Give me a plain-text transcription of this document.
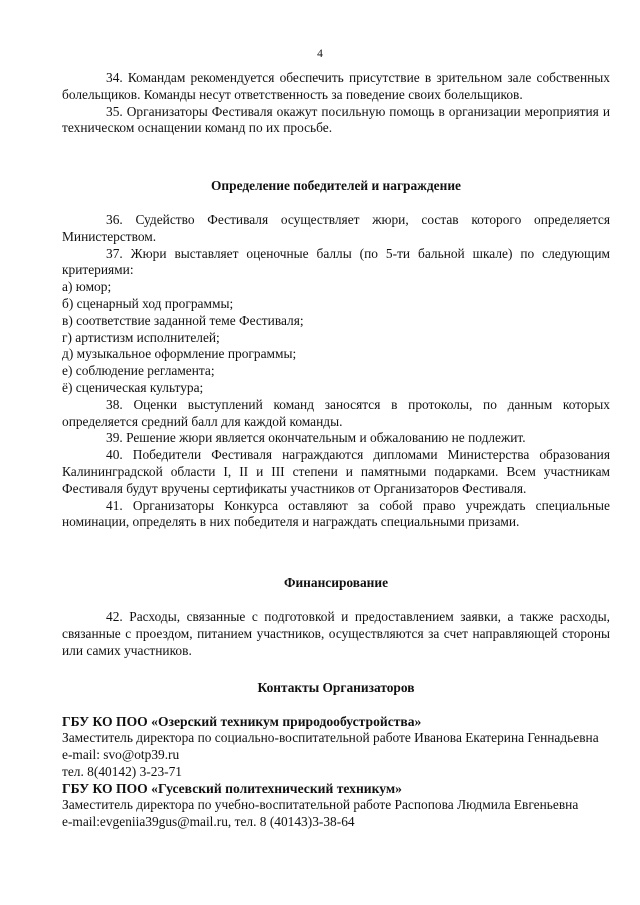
4

34. Командам рекомендуется обеспечить присутствие в зрительном зале собственных болельщиков. Команды несут ответственность за поведение своих болельщиков.

35. Организаторы Фестиваля окажут посильную помощь в организации мероприятия и техническом оснащении команд по их просьбе.

Определение победителей и награждение

36. Судейство Фестиваля осуществляет жюри, состав которого определяется Министерством.

37. Жюри выставляет оценочные баллы (по 5-ти бальной шкале) по следующим критериями:

а) юмор;

б) сценарный ход программы;

в) соответствие заданной теме Фестиваля;

г) артистизм исполнителей;

д) музыкальное оформление программы;

е) соблюдение регламента;

ё) сценическая культура;

38. Оценки выступлений команд заносятся в протоколы, по данным которых определяется средний балл для каждой команды.

39. Решение жюри является окончательным и обжалованию не подлежит.

40. Победители Фестиваля награждаются дипломами Министерства образования Калининградской области I, II и III степени и памятными подарками. Всем участникам Фестиваля будут вручены сертификаты участников от Организаторов Фестиваля.

41. Организаторы Конкурса оставляют за собой право учреждать специальные номинации, определять в них победителя и награждать специальными призами.

Финансирование

42. Расходы, связанные с подготовкой и предоставлением заявки, а также расходы, связанные с проездом, питанием участников, осуществляются за счет направляющей стороны или самих участников.

Контакты Организаторов

ГБУ КО ПОО «Озерский техникум природообустройства»

Заместитель директора по социально-воспитательной работе Иванова Екатерина Геннадьевна

e-mail: svo@otp39.ru

тел. 8(40142) 3-23-71

ГБУ КО ПОО «Гусевский политехнический техникум»

Заместитель директора по учебно-воспитательной работе Распопова Людмила Евгеньевна

e-mail:evgeniia39gus@mail.ru, тел. 8 (40143)3-38-64
